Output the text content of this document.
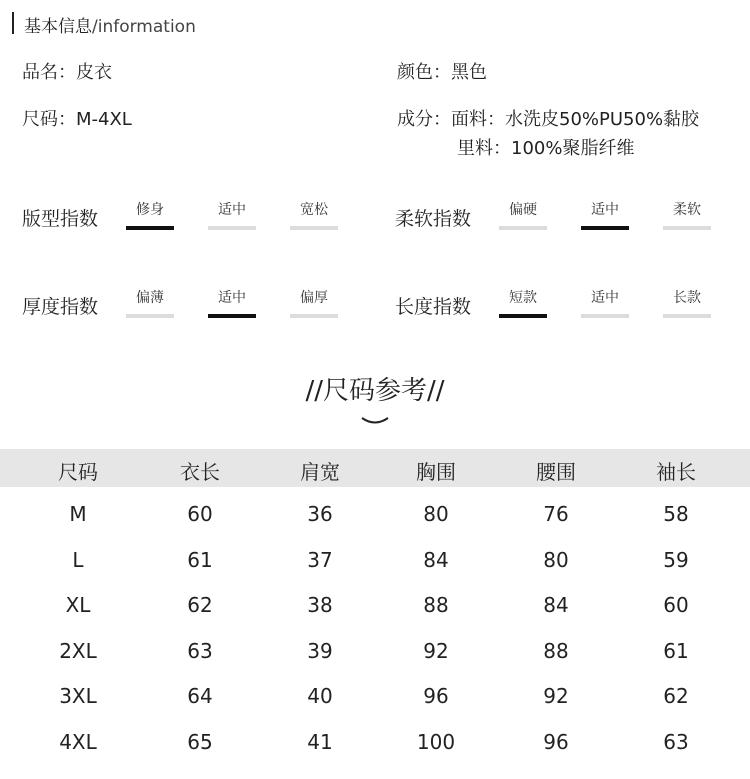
基本信息/information
品名：皮衣	颜色：黑色
尺码：M-4XL	成分：面料：水洗皮50%PU50%黏胶
里料：100%聚脂纤维
版型指数	修身	适中	宽松	柔软指数	偏硬	适中	柔软
厚度指数	偏薄	适中	偏厚	长度指数	短款	适中	长款
//尺码参考//
尺码	衣长	肩宽	胸围	腰围	袖长
M	60	36	80	76	58
L	61	37	84	80	59
XL	62	38	88	84	60
2XL	63	39	92	88	61
3XL	64	40	96	92	62
4XL	65	41	100	96	63
